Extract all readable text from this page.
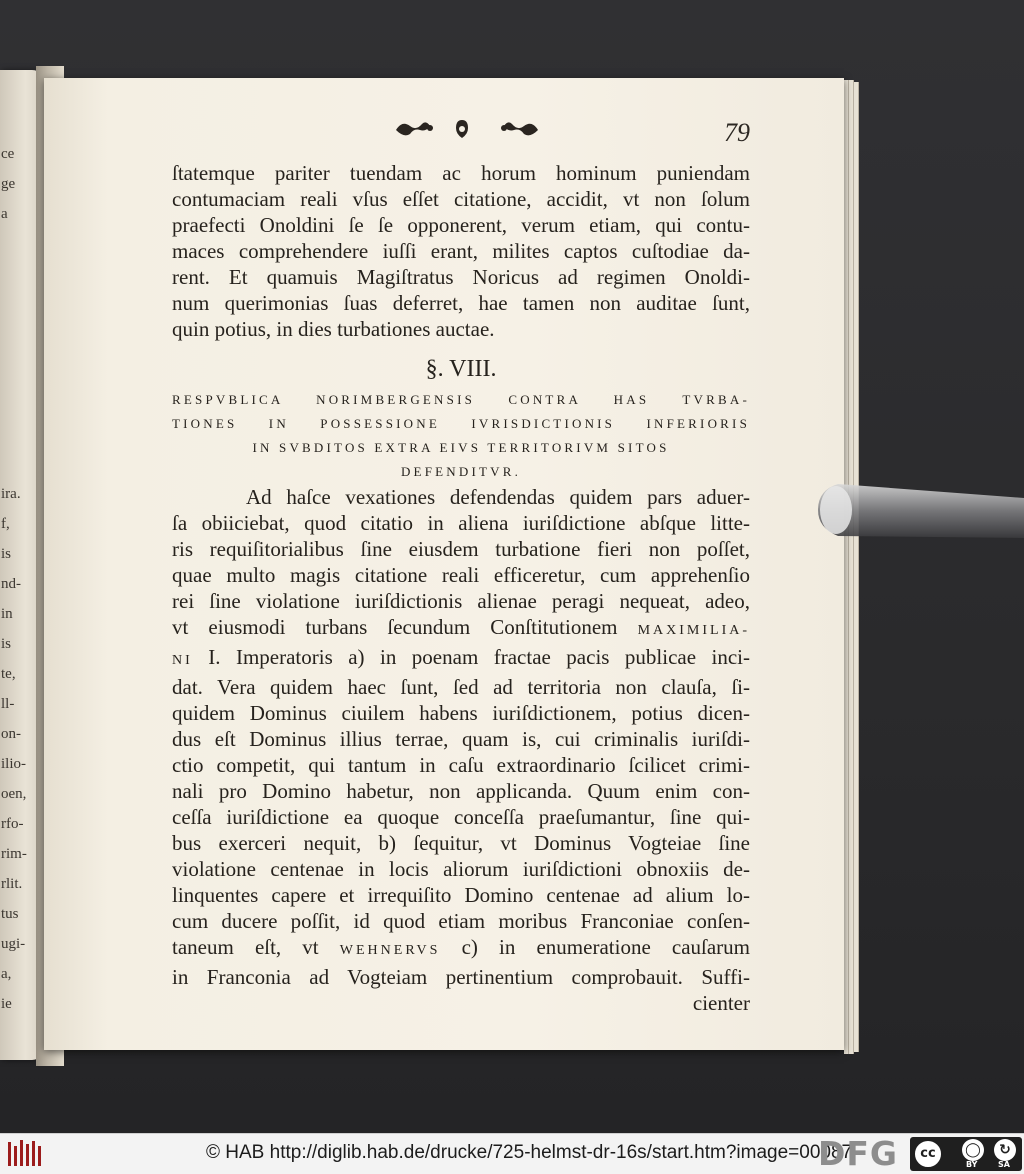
ce
ge
a
ira.
f,
is
nd-
in
is
te,
ll-
on-
ilio-
oen,
rfo-
rim-
rlit.
tus
ugi-
a,
ie
79
ſtatemque pariter tuendam ac horum hominum puniendam
contumaciam reali vſus eſſet citatione, accidit, vt non ſolum
praefecti Onoldini ſe ſe opponerent, verum etiam, qui contu-
maces comprehendere iuſſi erant, milites captos cuſtodiae da-
rent. Et quamuis Magiſtratus Noricus ad regimen Onoldi-
num querimonias ſuas deferret, hae tamen non auditae ſunt,
quin potius, in dies turbationes auctae.
§. VIII.
RESPVBLICA NORIMBERGENSIS CONTRA HAS TVRBA-
TIONES IN POSSESSIONE IVRISDICTIONIS INFERIORIS
IN SVBDITOS EXTRA EIVS TERRITORIVM SITOS
DEFENDITVR.
Ad haſce vexationes defendendas quidem pars aduer-
ſa obiiciebat, quod citatio in aliena iuriſdictione abſque litte-
ris requiſitorialibus ſine eiusdem turbatione fieri non poſſet,
quae multo magis citatione reali efficeretur, cum apprehenſio
rei ſine violatione iuriſdictionis alienae peragi nequeat, adeo,
vt eiusmodi turbans ſecundum Conſtitutionem MAXIMILIA-
NI I. Imperatoris a) in poenam fractae pacis publicae inci-
dat. Vera quidem haec ſunt, ſed ad territoria non clauſa, ſi-
quidem Dominus ciuilem habens iuriſdictionem, potius dicen-
dus eſt Dominus illius terrae, quam is, cui criminalis iuriſdi-
ctio competit, qui tantum in caſu extraordinario ſcilicet crimi-
nali pro Domino habetur, non applicanda. Quum enim con-
ceſſa iuriſdictione ea quoque conceſſa praeſumantur, ſine qui-
bus exerceri nequit, b) ſequitur, vt Dominus Vogteiae ſine
violatione centenae in locis aliorum iuriſdictioni obnoxiis de-
linquentes capere et irrequiſito Domino centenae ad alium lo-
cum ducere poſſit, id quod etiam moribus Franconiae conſen-
taneum eſt, vt WEHNERVS c) in enumeratione cauſarum
in Franconia ad Vogteiam pertinentium comprobauit. Suffi-
cienter
© HAB http://diglib.hab.de/drucke/725-helmst-dr-16s/start.htm?image=00087
DFG	cc	◯	↻
BY	SA
